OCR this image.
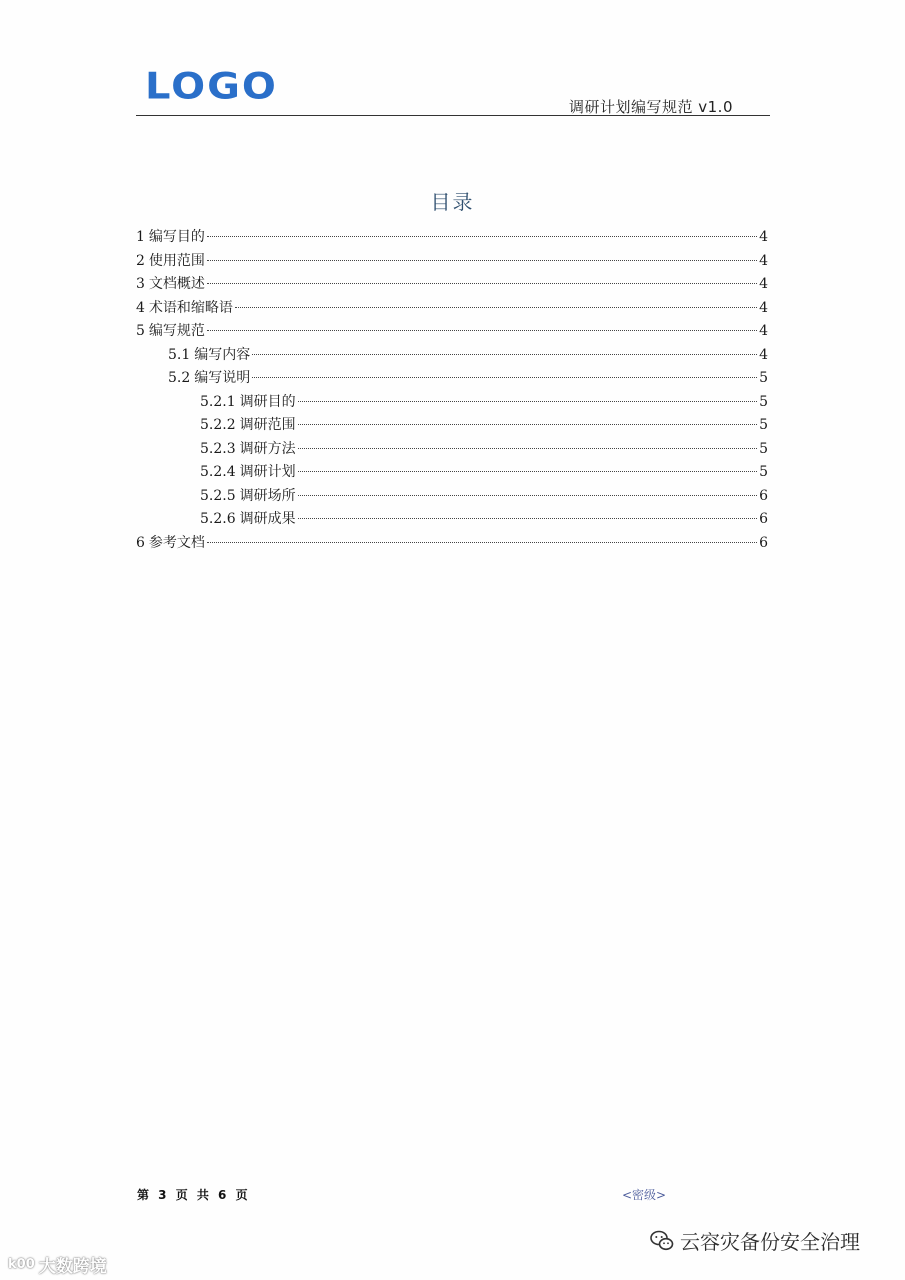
LOGO	调研计划编写规范 v1.0
目录
1 编写目的	4
2 使用范围	4
3 文档概述	4
4 术语和缩略语	4
5 编写规范	4
5.1 编写内容	4
5.2 编写说明	5
5.2.1 调研目的	5
5.2.2 调研范围	5
5.2.3 调研方法	5
5.2.4 调研计划	5
5.2.5 调研场所	6
5.2.6 调研成果	6
6 参考文档	6
第 3 页 共 6 页	<密级>
云容灾备份安全治理
k00 大数跨境
